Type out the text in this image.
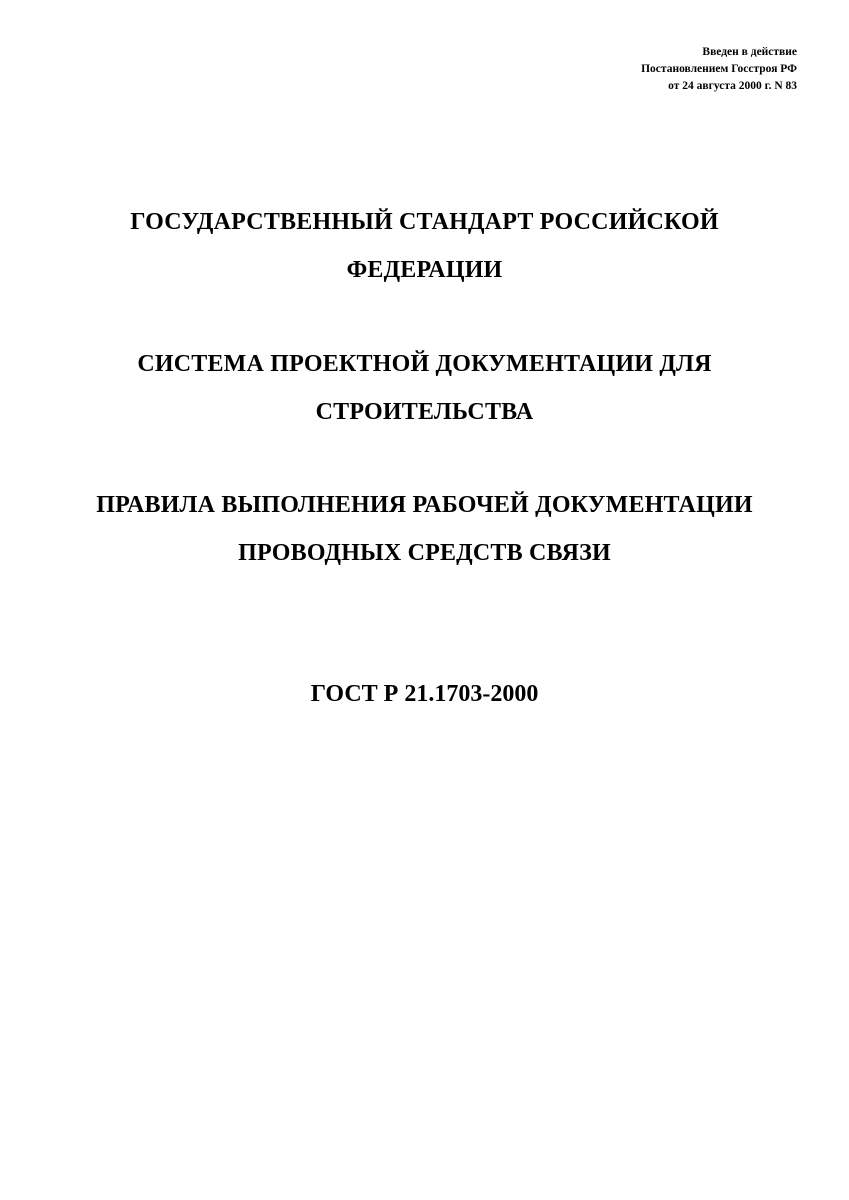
Введен в действие
Постановлением Госстроя РФ
от 24 августа 2000 г. N 83
ГОСУДАРСТВЕННЫЙ СТАНДАРТ РОССИЙСКОЙ
ФЕДЕРАЦИИ
СИСТЕМА ПРОЕКТНОЙ ДОКУМЕНТАЦИИ ДЛЯ
СТРОИТЕЛЬСТВА
ПРАВИЛА ВЫПОЛНЕНИЯ РАБОЧЕЙ ДОКУМЕНТАЦИИ
ПРОВОДНЫХ СРЕДСТВ СВЯЗИ
ГОСТ Р 21.1703-2000
